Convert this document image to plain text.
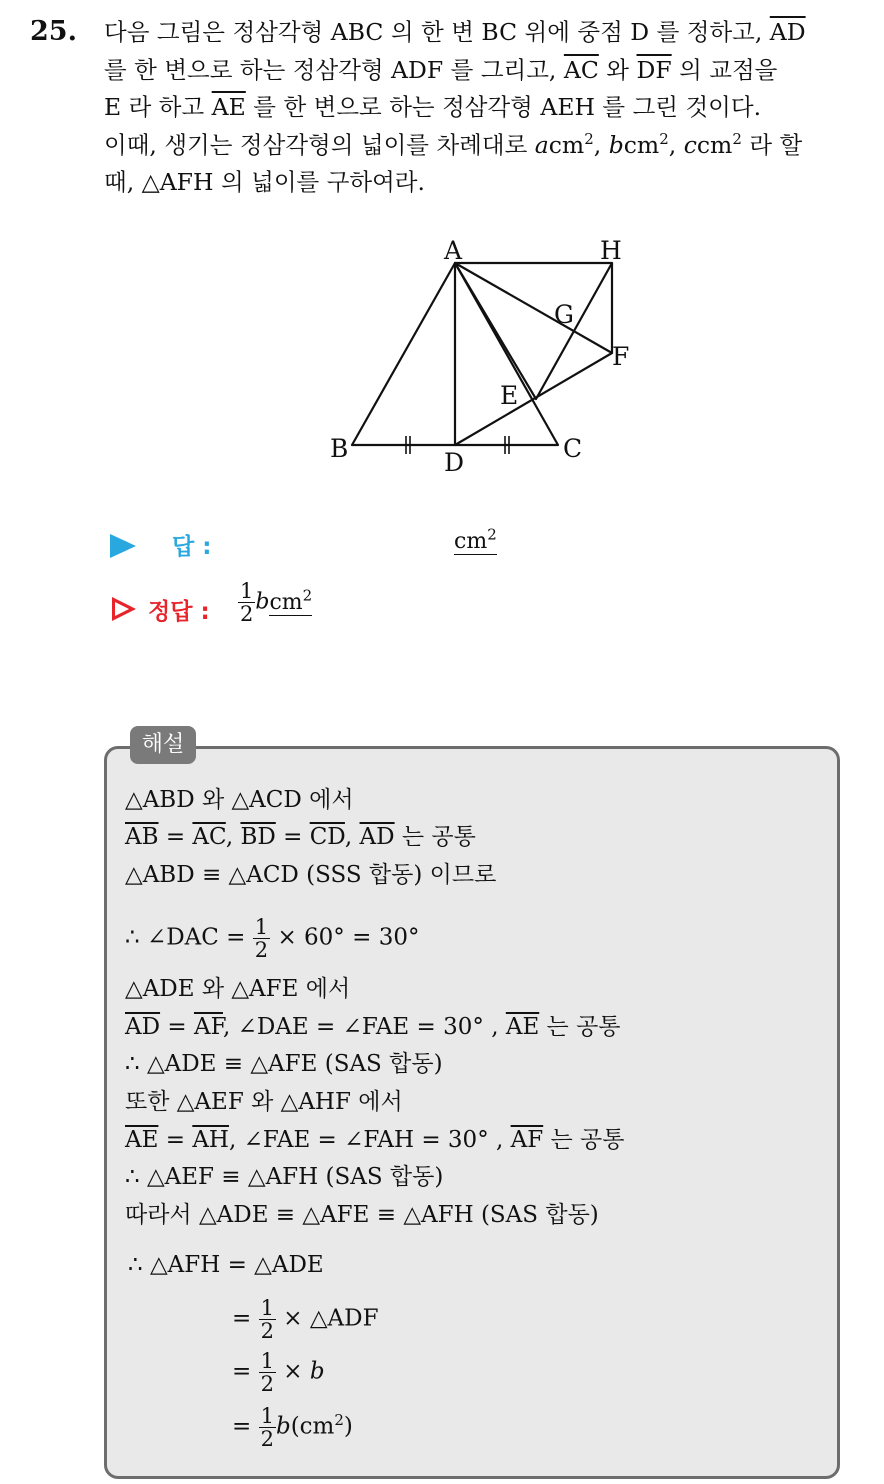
25. 다음 그림은 정삼각형 ABC 의 한 변 BC 위에 중점 D 를 정하고, $\overline{AD}$
를 한 변으로 하는 정삼각형 ADF 를 그리고, $\overline{AC}$ 와 $\overline{DF}$ 의 교점을
E 라 하고 $\overline{AE}$ 를 한 변으로 하는 정삼각형 AEH 를 그린 것이다.
이때, 생기는 정삼각형의 넓이를 차례대로 acm$^2$, bcm$^2$, ccm$^2$ 라 할
때, △AFH 의 넓이를 구하여라.
A	H
G
F
E
B	C
D
답 :	$cm^2$
정답 : $\frac{1}{2} bcm^2$
해설
△ABD 와 △ACD 에서
$\overline{AB} = \overline{AC}$, $\overline{BD} = \overline{CD}$, $\overline{AD}$ 는 공통
△ABD ≡ △ACD (SSS 합동) 이므로
∴ ∠DAC = $\frac{1}{2} \times 60^\circ = 30^\circ$
△ADE 와 △AFE 에서
$\overline{AD} = \overline{AF}$, ∠DAE = ∠FAE = 30° , $\overline{AE}$ 는 공통
∴ △ADE ≡ △AFE (SAS 합동)
또한 △AEF 와 △AHF 에서
$\overline{AE} = \overline{AH}$, ∠FAE = ∠FAH = 30° , $\overline{AF}$ 는 공통
∴ △AEF ≡ △AFH (SAS 합동)
따라서 △ADE ≡ △AFE ≡ △AFH (SAS 합동)
∴ △AFH = △ADE
= $\frac{1}{2}$ × △ADF
= $\frac{1}{2} \times b$
= $\frac{1}{2} b(cm^2)$
